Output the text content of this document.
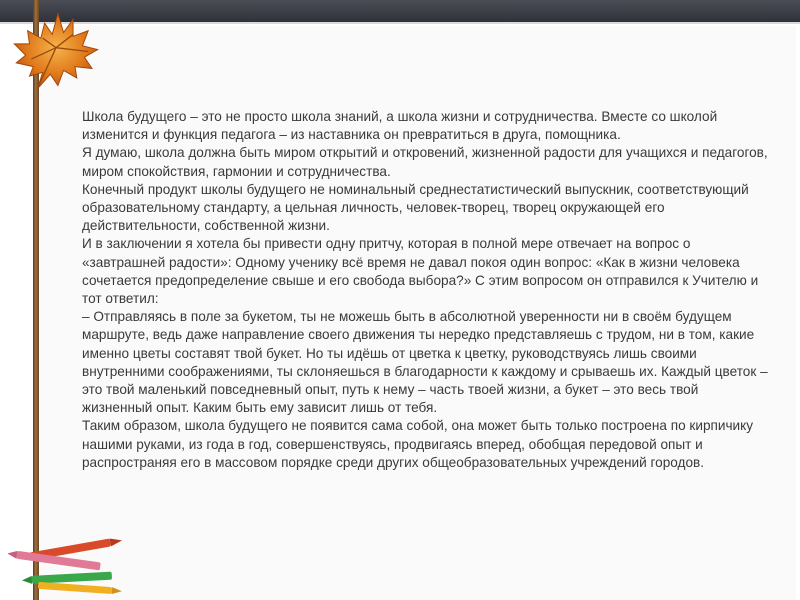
Школа будущего – это не просто школа знаний, а школа жизни и сотрудничества. Вместе со школой изменится и функция педагога – из наставника он превратиться в друга, помощника.

Я думаю, школа должна быть миром открытий и откровений, жизненной радости для учащихся и педагогов, миром спокойствия, гармонии и сотрудничества.

Конечный продукт школы будущего не номинальный среднестатистический выпускник, соответствующий образовательному стандарту, а цельная личность, человек-творец, творец окружающей его действительности, собственной жизни.

И в заключении я хотела бы привести одну притчу, которая в полной мере отвечает на вопрос о «завтрашней радости»: Одному ученику всё время не давал покоя один вопрос: «Как в жизни человека сочетается предопределение свыше и его свобода выбора?» С этим вопросом он отправился к Учителю и тот ответил:

– Отправляясь в поле за букетом, ты не можешь быть в абсолютной уверенности ни в своём будущем маршруте, ведь даже направление своего движения ты нередко представляешь с трудом, ни в том, какие именно цветы составят твой букет. Но ты идёшь от цветка к цветку, руководствуясь лишь своими внутренними соображениями, ты склоняешься в благодарности к каждому и срываешь их. Каждый цветок – это твой маленький повседневный опыт, путь к нему – часть твоей жизни, а букет – это весь твой жизненный опыт. Каким быть ему зависит лишь от тебя.

Таким образом, школа будущего не появится сама собой, она может быть только построена по кирпичику нашими руками, из года в год, совершенствуясь, продвигаясь вперед, обобщая передовой опыт и распространяя его в массовом порядке среди других общеобразовательных учреждений городов.
